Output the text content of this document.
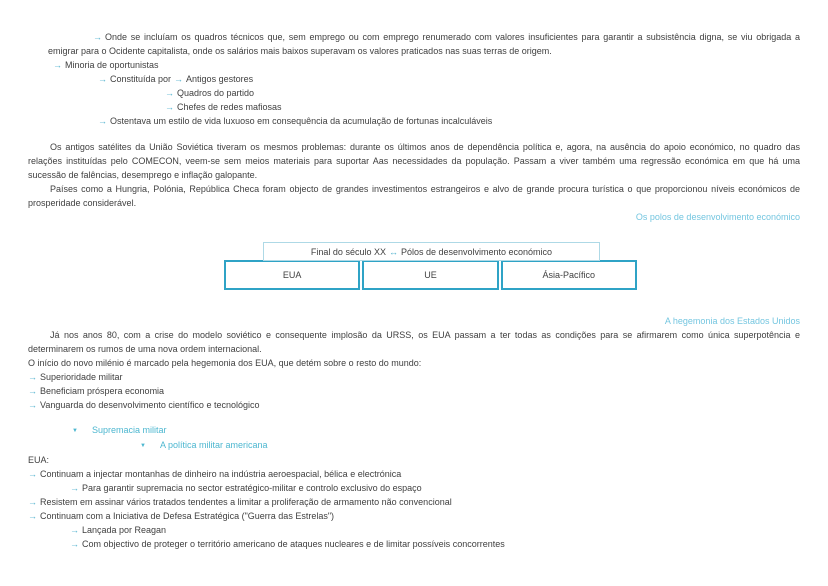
→ Onde se incluíam os quadros técnicos que, sem emprego ou com emprego renumerado com valores insuficientes para garantir a subsistência digna, se viu obrigada a emigrar para o Ocidente capitalista, onde os salários mais baixos superavam os valores praticados nas suas terras de origem.
→ Minoria de oportunistas
→ Constituída por → Antigos gestores
→ Quadros do partido
→ Chefes de redes mafiosas
→ Ostentava um estilo de vida luxuoso em consequência da acumulação de fortunas incalculáveis
Os antigos satélites da União Soviética tiveram os mesmos problemas: durante os últimos anos de dependência política e, agora, na ausência do apoio económico, no quadro das relações instituídas pelo COMECON, veem-se sem meios materiais para suportar Aas necessidades da população. Passam a viver também uma regressão económica em que há uma sucessão de falências, desemprego e inflação galopante.
Países como a Hungria, Polónia, República Checa foram objecto de grandes investimentos estrangeiros e alvo de grande procura turística o que proporcionou níveis económicos de prosperidade considerável.
Os polos de desenvolvimento económico
Final do século XX ↔ Pólos de desenvolvimento económico
EUA	UE	Ásia-Pacífico
A hegemonia dos Estados Unidos
Já nos anos 80, com a crise do modelo soviético e consequente implosão da URSS, os EUA passam a ter todas as condições para se afirmarem como única superpotência e determinarem os rumos de uma nova ordem internacional.
O início do novo milénio é marcado pela hegemonia dos EUA, que detém sobre o resto do mundo:
→ Superioridade militar
→ Beneficiam próspera economia
→ Vanguarda do desenvolvimento científico e tecnológico
▼ Supremacia militar
▼ A política militar americana
EUA:
→ Continuam a injectar montanhas de dinheiro na indústria aeroespacial, bélica e electrónica
→ Para garantir supremacia no sector estratégico-militar e controlo exclusivo do espaço
→ Resistem em assinar vários tratados tendentes a limitar a proliferação de armamento não convencional
→ Continuam com a Iniciativa de Defesa Estratégica ("Guerra das Estrelas")
→ Lançada por Reagan
→ Com objectivo de proteger o território americano de ataques nucleares e de limitar possíveis concorrentes
